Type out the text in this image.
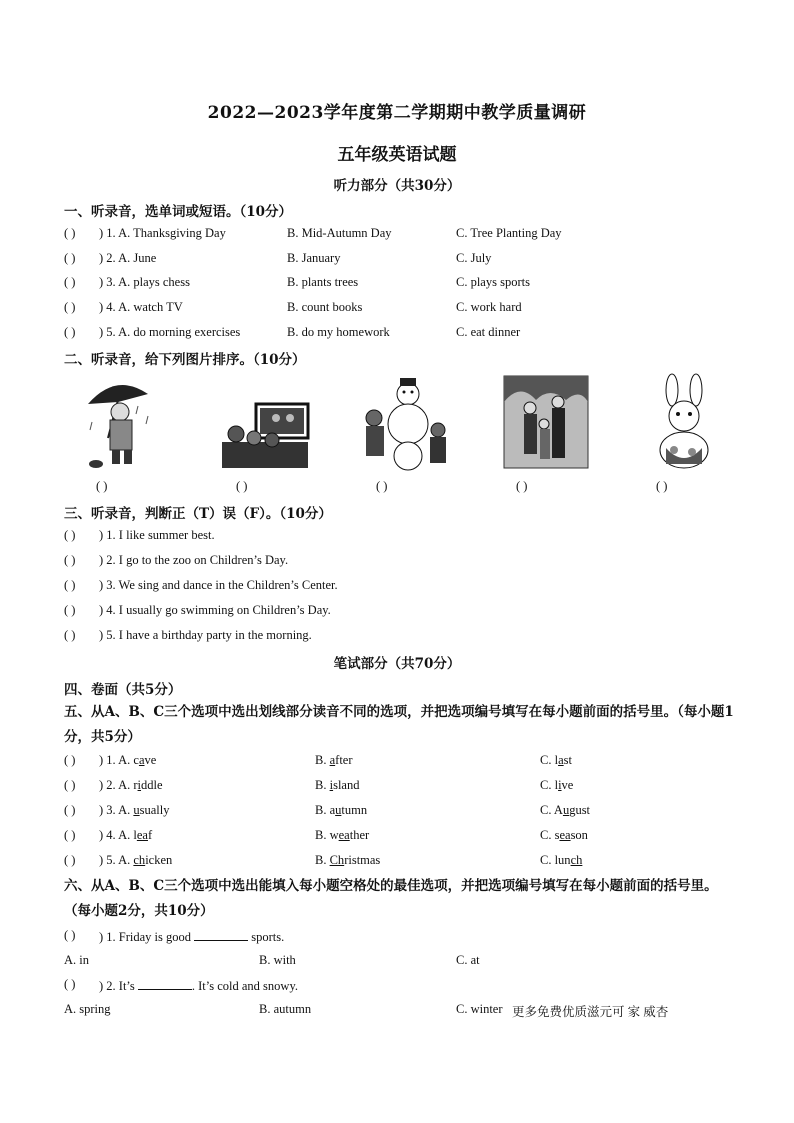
2022—2023学年度第二学期期中教学质量调研
五年级英语试题
听力部分（共30分）
一、听录音，选单词或短语。（10分）
( ) ) 1. A. Thanksgiving Day	B. Mid-Autumn Day	C. Tree Planting Day
( ) ) 2. A. June	B. January	C. July
( ) ) 3. A. plays chess	B. plants trees	C. plays sports
( ) ) 4. A. watch TV	B. count books	C. work hard
( ) ) 5. A. do morning exercises	B. do my homework	C. eat dinner
二、听录音，给下列图片排序。（10分）
( )	( )	( )	( )	( )
三、听录音，判断正（T）误（F）。（10分）
( ) ) 1. I like summer best.
( ) ) 2. I go to the zoo on Children’s Day.
( ) ) 3. We sing and dance in the Children’s Center.
( ) ) 4. I usually go swimming on Children’s Day.
( ) ) 5. I have a birthday party in the morning.
笔试部分（共70分）
四、卷面（共5分）
五、从A、B、C三个选项中选出划线部分读音不同的选项，并把选项编号填写在每小题前面的括号里。（每小题1分，共5分）
( ) ) 1. A. cave	B. after	C. last
( ) ) 2. A. riddle	B. island	C. live
( ) ) 3. A. usually	B. autumn	C. August
( ) ) 4. A. leaf	B. weather	C. season
( ) ) 5. A. chicken	B. Christmas	C. lunch
六、从A、B、C三个选项中选出能填入每小题空格处的最佳选项，并把选项编号填写在每小题前面的括号里。（每小题2分，共10分）
( ) ) 1. Friday is good	sports.
A. in	B. with	C. at
( ) ) 2. It’s	. It’s cold and snowy.
A. spring	B. autumn	C. winter 更多免费优质滋元可 家 威杏
